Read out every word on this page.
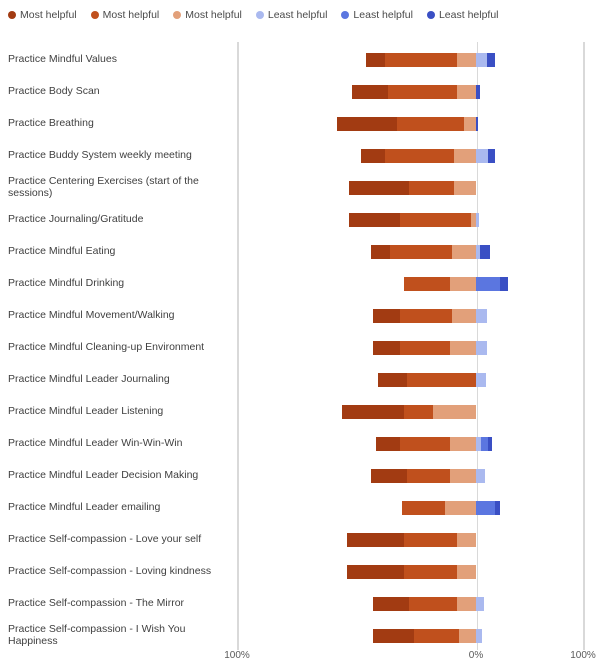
Most helpful Most helpful Most helpful Least helpful Least helpful Least helpful
Practice Mindful Values
Practice Body Scan
Practice Breathing
Practice Buddy System weekly meeting
Practice Centering Exercises (start of the sessions)
Practice Journaling/Gratitude
Practice Mindful Eating
Practice Mindful Drinking
Practice Mindful Movement/Walking
Practice Mindful Cleaning-up Environment
Practice Mindful Leader Journaling
Practice Mindful Leader Listening
Practice Mindful Leader Win-Win-Win
Practice Mindful Leader Decision Making
Practice Mindful Leader emailing
Practice Self-compassion - Love your self
Practice Self-compassion - Loving kindness
Practice Self-compassion - The Mirror
Practice Self-compassion - I Wish You Happiness
100%	0%	100%
